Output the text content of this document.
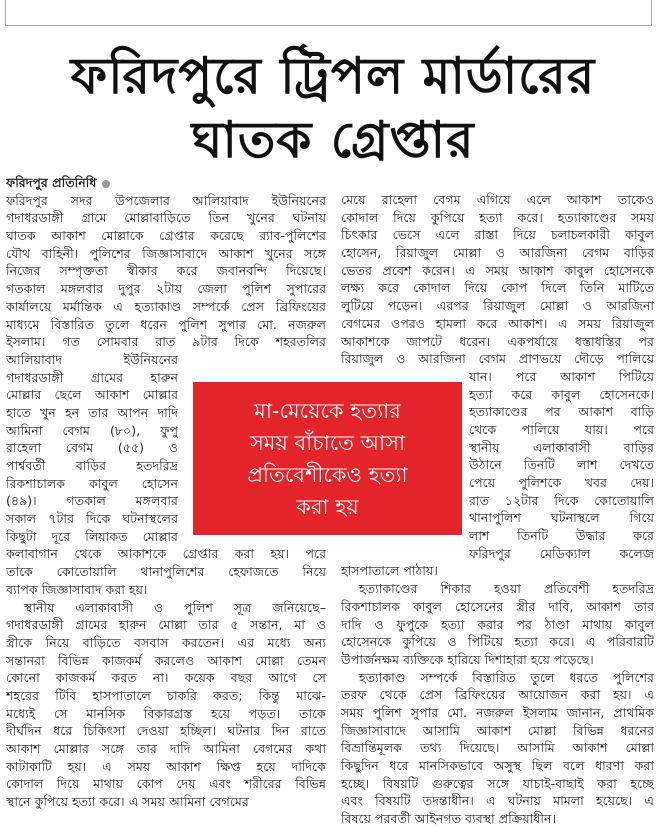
ফরিদপুরে ট্রিপল মার্ডারের
ঘাতক গ্রেপ্তার
ফরিদপুর প্রতিনিধি
ফরিদপুর সদর উপজেলার আলিয়াবাদ ইউনিয়নের
গদাধরডাঙ্গী গ্রামে মোল্লাবাড়িতে তিন খুনের ঘটনায়
ঘাতক আকাশ মোল্লাকে গ্রেপ্তার করেছে র‍্যাব-পুলিশের
যৌথ বাহিনী। পুলিশের জিজ্ঞাসাবাদে আকাশ খুনের সঙ্গে
নিজের সম্পৃক্ততা স্বীকার করে জবানবন্দি দিয়েছে।
গতকাল মঙ্গলবার দুপুর ২টায় জেলা পুলিশ সুপারের
কার্যালয়ে মর্মান্তিক এ হত্যাকাণ্ড সম্পর্কে প্রেস ব্রিফিংয়ের
মাধ্যমে বিস্তারিত তুলে ধরেন পুলিশ সুপার মো. নজরুল
ইসলাম। গত সোমবার রাত ৯টার দিকে শহরতলির
আলিয়াবাদ ইউনিয়নের
গদাধরডাঙ্গী গ্রামের হারুন
মোল্লার ছেলে আকাশ মোল্লার
হাতে খুন হন তার আপন দাদি
আমিনা বেগম (৮০), ফুপু
রাহেলা বেগম (৫৫) ও
পার্শ্ববর্তী বাড়ির হতদরিদ্র
রিকশাচালক কাবুল হোসেন
(৪৯)। গতকাল মঙ্গলবার
সকাল ৭টার দিকে ঘটনাস্থলের
কিছুটা দূরে লিয়াকত মোল্লার
কলাবাগান থেকে আকাশকে গ্রেপ্তার করা হয়। পরে
তাকে কোতোয়ালি থানাপুলিশের হেফাজতে নিয়ে
ব্যাপক জিজ্ঞাসাবাদ করা হয়।
স্থানীয় এলাকাবাসী ও পুলিশ সূত্র জনিয়েছে–
গদাধরডাঙ্গী গ্রামের হারুন মোল্লা তার ৫ সন্তান, মা ও
স্ত্রীকে নিয়ে বাড়িতে বসবাস করতেন। এর মধ্যে অন্য
সন্তানরা বিভিন্ন কাজকর্ম করলেও আকাশ মোল্লা তেমন
কোনো কাজকর্ম করত না। কয়েক বছর আগে সে
শহরের টিবি হাসপাতালে চাকরি করত; কিন্তু মাঝে-
মধ্যেই সে মানসিক বিকারগ্রস্ত হয়ে পড়ত। তাকে
দীর্ঘদিন ধরে চিকিৎসা দেওয়া হচ্ছিল। ঘটনার দিন রাতে
আকাশ মোল্লার সঙ্গে তার দাদি আমিনা বেগমের কথা
কাটাকাটি হয়। এ সময় আকাশ ক্ষিপ্ত হয়ে দাদিকে
কোদাল দিয়ে মাথায় কোপ দেয় এবং শরীরের বিভিন্ন
স্থানে কুপিয়ে হত্যা করে। এ সময় আমিনা বেগমের
মেয়ে রাহেলা বেগম এগিয়ে এলে আকাশ তাকেও
কোদাল দিয়ে কুপিয়ে হত্যা করে। হত্যাকাণ্ডের সময়
চিৎকার ভেসে এলে রাস্তা দিয়ে চলাচলকারী কাবুল
হোসেন, রিয়াজুল মোল্লা ও আরজিনা বেগম বাড়ির
ভেতর প্রবেশ করেন। এ সময় আকাশ কাবুল হোসেনকে
লক্ষ্য করে কোদাল দিয়ে কোপ দিলে তিনি মাটিতে
লুটিয়ে পড়েন। এরপর রিয়াজুল মোল্লা ও আরজিনা
বেগমের ওপরও হামলা করে আকাশ। এ সময় রিয়াজুল
আকাশকে জাপটে ধরেন। একপর্যায়ে ধস্তাধস্তির পর
রিয়াজুল ও আরজিনা বেগম প্রাণভয়ে দৌড়ে পালিয়ে
যান। পরে আকাশ পিটিয়ে
হত্যা করে কাবুল হোসেনকে।
হত্যাকাণ্ডের পর আকাশ বাড়ি
থেকে পালিয়ে যায়। পরে
স্থানীয় এলাকাবাসী বাড়ির
উঠানে তিনটি লাশ দেখতে
পেয়ে পুলিশকে খবর দেয়।
রাত ১২টার দিকে কোতোয়ালি
থানাপুলিশ ঘটনাস্থলে গিয়ে
লাশ তিনটি উদ্ধার করে
ফরিদপুর মেডিক্যাল কলেজ
হাসপাতালে পাঠায়।
হত্যাকাণ্ডের শিকার হওয়া প্রতিবেশী হতদরিদ্র
রিকশাচালক কাবুল হোসেনের স্ত্রীর দাবি, আকাশ তার
দাদি ও ফুপুকে হত্যা করার পর ঠাণ্ডা মাথায় কাবুল
হোসেনকে কুপিয়ে ও পিটিয়ে হত্যা করে। এ পরিবারটি
উপার্জনক্ষম ব্যক্তিকে হারিয়ে দিশাহারা হয়ে পড়েছে।
হত্যাকাণ্ড সম্পর্কে বিস্তারিত তুলে ধরতে পুলিশের
তরফ থেকে প্রেস ব্রিফিংয়ের আয়োজন করা হয়। এ
সময় পুলিশ সুপার মো. নজরুল ইসলাম জানান, প্রাথমিক
জিজ্ঞাসাবাদে আসামি আকাশ মোল্লা বিভিন্ন ধরনের
বিভ্রান্তিমূলক তথ্য দিয়েছে। আসামি আকাশ মোল্লা
কিছুদিন ধরে মানসিকভাবে অসুস্থ ছিল বলে ধারণা করা
হচ্ছে। বিষয়টি গুরুত্বের সঙ্গে যাচাই-বাছাই করা হচ্ছে
এবং বিষয়টি তদন্তাধীন। এ ঘটনায় মামলা হয়েছে। এ
বিষয়ে পরবর্তী আইনগত ব্যবস্থা প্রক্রিয়াধীন।
মা-মেয়েকে হত্যার
সময় বাঁচাতে আসা
প্রতিবেশীকেও হত্যা
করা হয়
